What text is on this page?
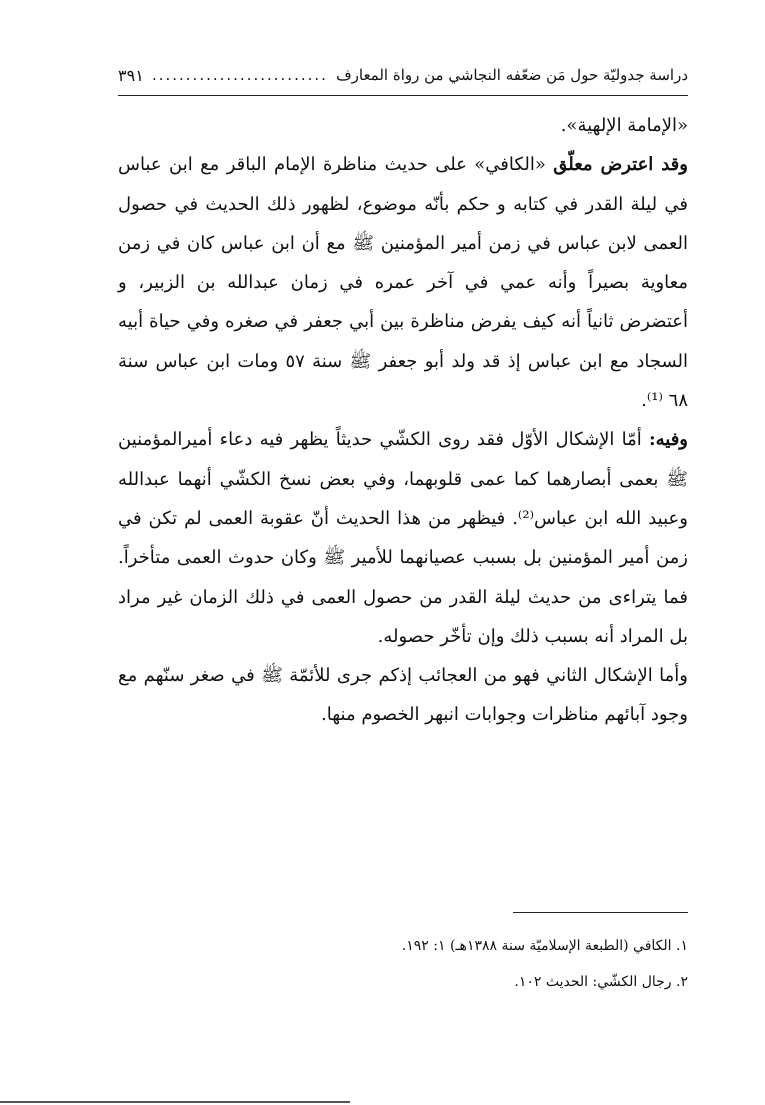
دراسة جدوليّة حول مَن ضعّفه النجاشي من رواة المعارف
..........................
٣٩١

«الإمامة الإلهية».

وقد اعترض معلّق «الكافي» على حديث مناظرة الإمام الباقر مع ابن عباس في ليلة القدر في كتابه و حكم بأنّه موضوع، لظهور ذلك الحديث في حصول العمى لابن عباس في زمن أمير المؤمنين ﷺ مع أن ابن عباس كان في زمن معاوية بصيراً وأنه عمي في آخر عمره في زمان عبدالله بن الزبير، و أعتضرض ثانياً أنه كيف يفرض مناظرة بين أبي جعفر في صغره وفي حياة أبيه السجاد مع ابن عباس إذ قد ولد أبو جعفر ﷺ سنة ٥٧ ومات ابن عباس سنة ٦٨ ⁽¹⁾.

وفيه: أمّا الإشكال الأوّل فقد روى الكشّي حديثاً يظهر فيه دعاء أميرالمؤمنين ﷺ بعمى أبصارهما كما عمى قلوبهما، وفي بعض نسخ الكشّي أنهما عبدالله وعبيد الله ابن عباس⁽²⁾. فيظهر من هذا الحديث أنّ عقوبة العمى لم تكن في زمن أمير المؤمنين بل بسبب عصيانهما للأمير ﷺ وكان حدوث العمى متأخراً. فما يتراءى من حديث ليلة القدر من حصول العمى في ذلك الزمان غير مراد بل المراد أنه بسبب ذلك وإن تأخّر حصوله.

وأما الإشكال الثاني فهو من العجائب إذكم جرى للأئمّة ﷺ في صغر سنّهم مع وجود آبائهم مناظرات وجوابات انبهر الخصوم منها.

١. الكافي (الطبعة الإسلاميّة سنة ١٣٨٨هـ) ١: ١٩٢.
٢. رجال الكشّي: الحديث ١٠٢.
